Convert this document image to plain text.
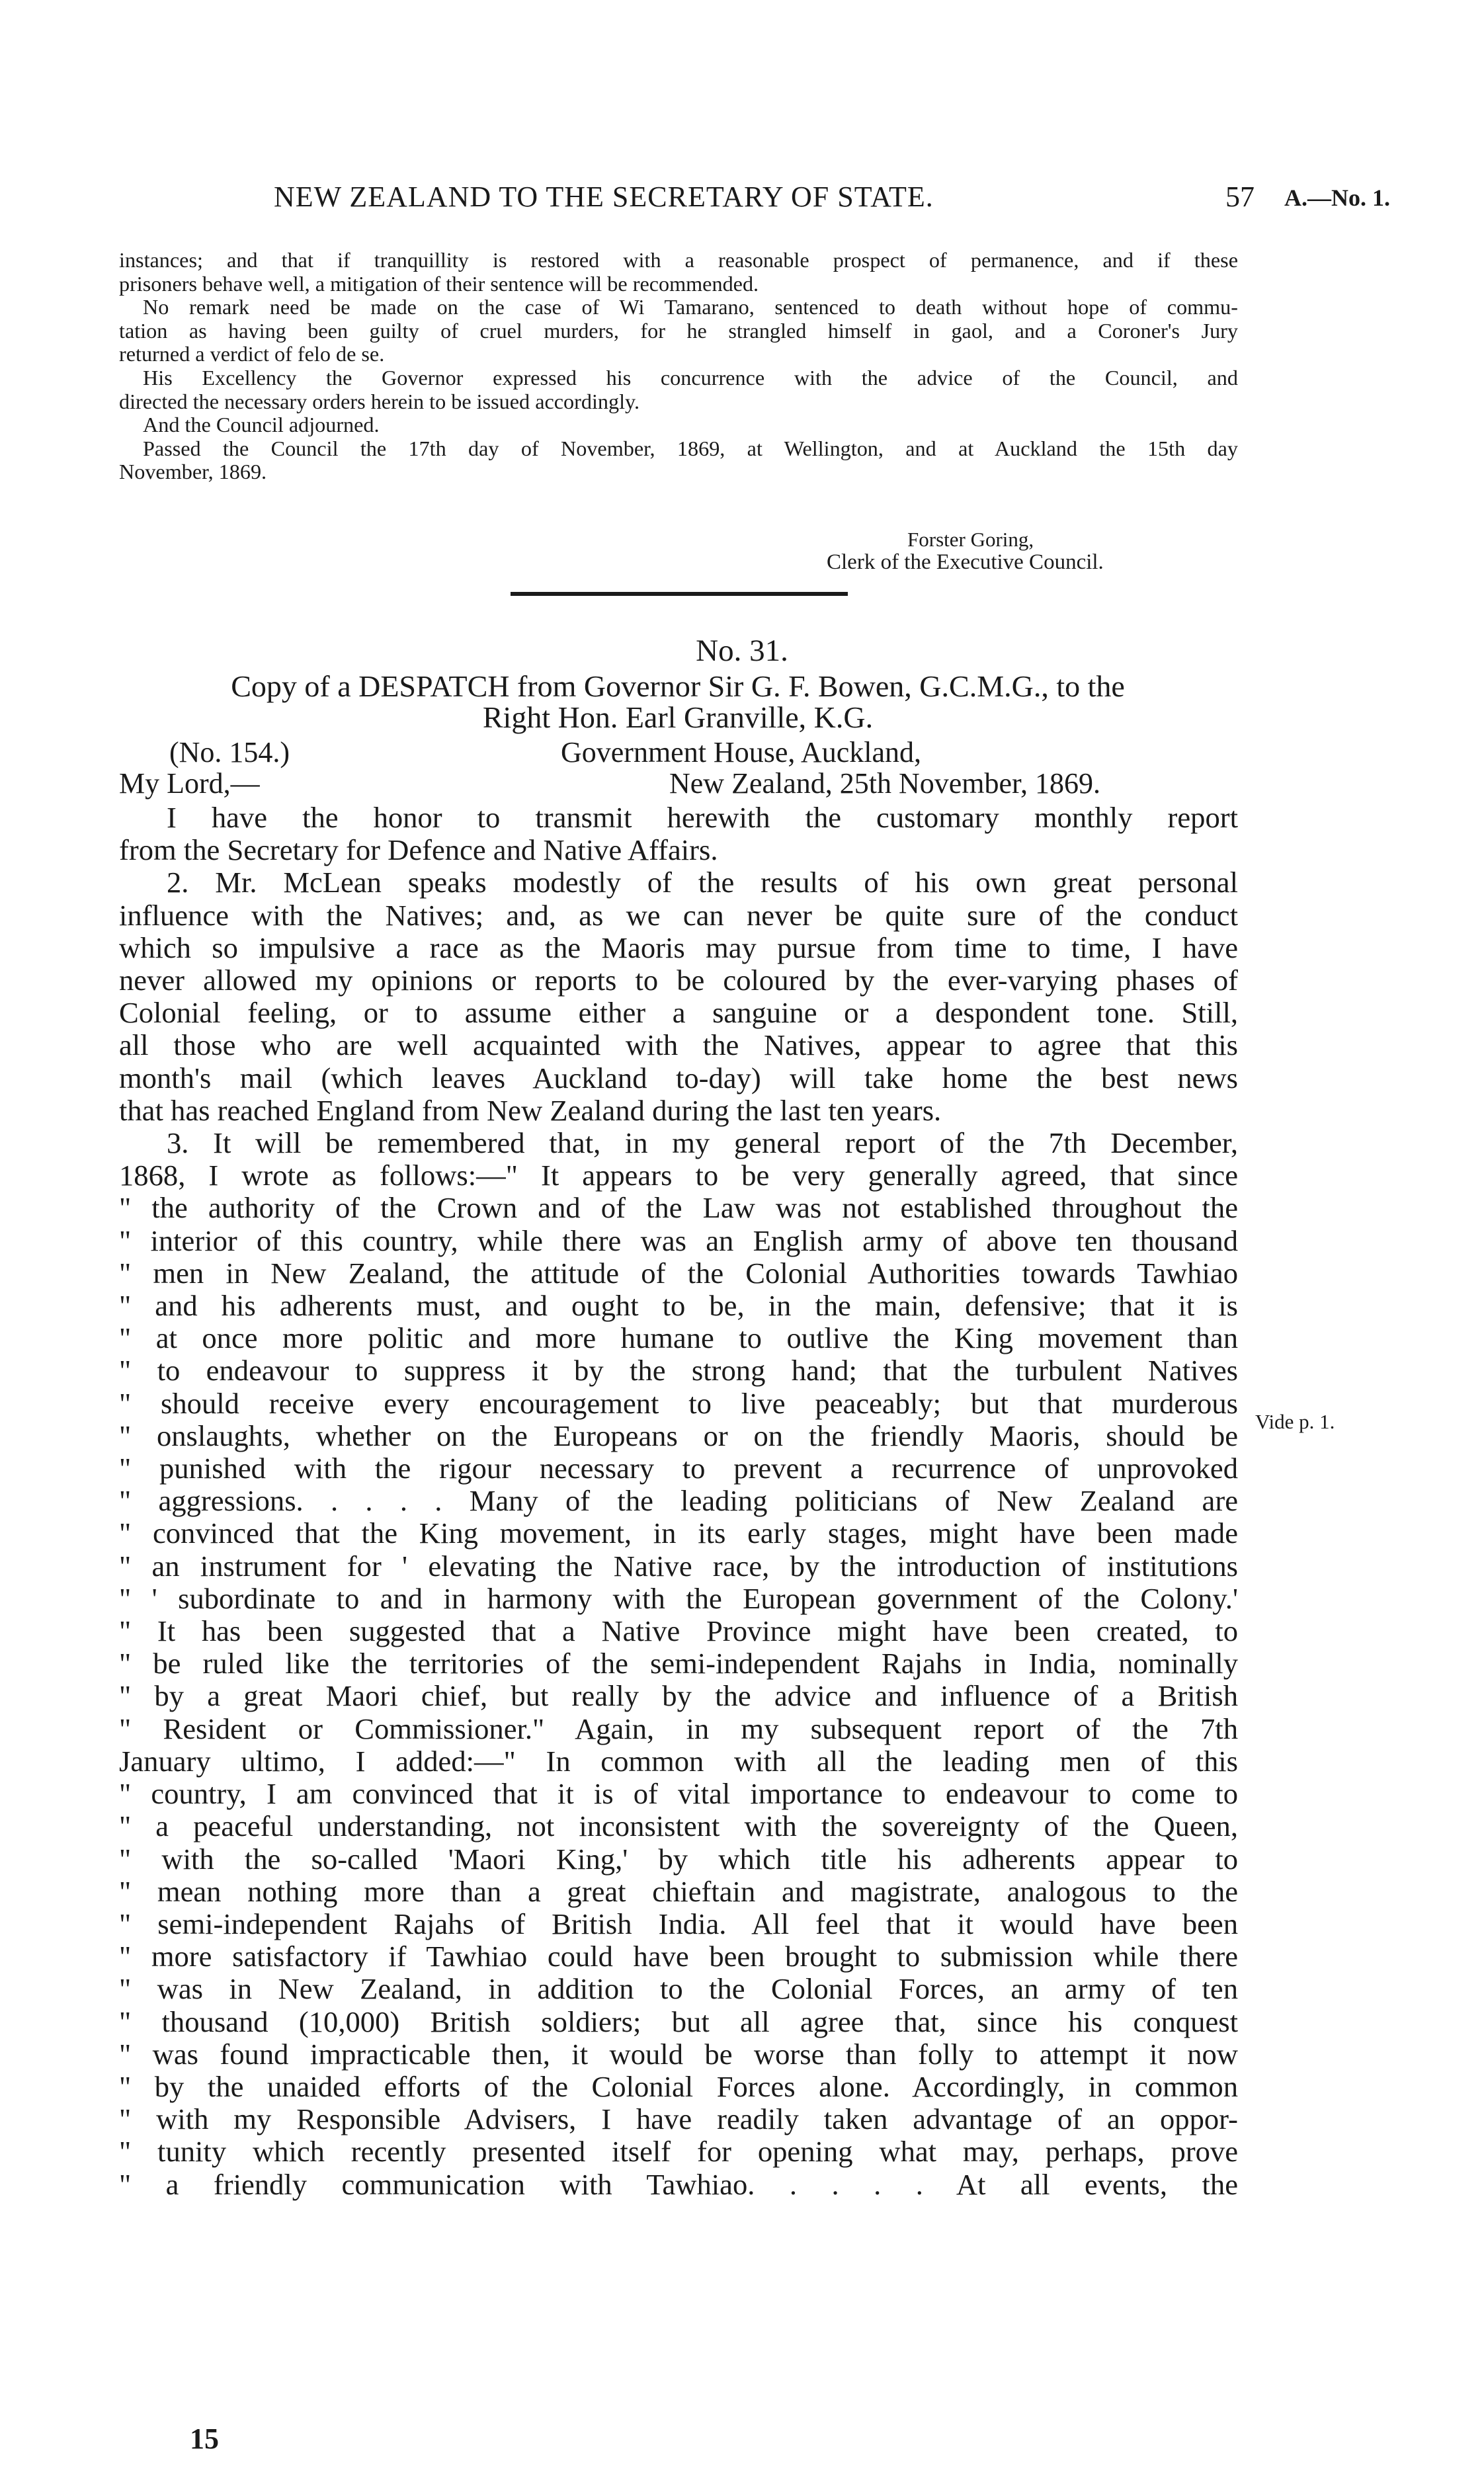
NEW ZEALAND TO THE SECRETARY OF STATE.	57 A.—No. 1.

instances; and that if tranquillity is restored with a reasonable prospect of permanence, and if these

prisoners behave well, a mitigation of their sentence will be recommended.

No remark need be made on the case of Wi Tamarano, sentenced to death without hope of commu-

tation as having been guilty of cruel murders, for he strangled himself in gaol, and a Coroner's Jury

returned a verdict of felo de se.

His Excellency the Governor expressed his concurrence with the advice of the Council, and

directed the necessary orders herein to be issued accordingly.

And the Council adjourned.

Passed the Council the 17th day of November, 1869, at Wellington, and at Auckland the 15th day

November, 1869.

Forster Goring,
Clerk of the Executive Council.
No. 31.
Copy of a DESPATCH from Governor Sir G. F. Bowen, G.C.M.G., to the
Right Hon. Earl Granville, K.G.
(No. 154.)	Government House, Auckland,
My Lord,—	New Zealand, 25th November, 1869.

I have the honor to transmit herewith the customary monthly report

from the Secretary for Defence and Native Affairs.

2. Mr. McLean speaks modestly of the results of his own great personal

influence with the Natives; and, as we can never be quite sure of the conduct

which so impulsive a race as the Maoris may pursue from time to time, I have

never allowed my opinions or reports to be coloured by the ever-varying phases of

Colonial feeling, or to assume either a sanguine or a despondent tone. Still,

all those who are well acquainted with the Natives, appear to agree that this

month's mail (which leaves Auckland to-day) will take home the best news

that has reached England from New Zealand during the last ten years.

3. It will be remembered that, in my general report of the 7th December,

1868, I wrote as follows:—" It appears to be very generally agreed, that since

" the authority of the Crown and of the Law was not established throughout the

" interior of this country, while there was an English army of above ten thousand

" men in New Zealand, the attitude of the Colonial Authorities towards Tawhiao

" and his adherents must, and ought to be, in the main, defensive; that it is

" at once more politic and more humane to outlive the King movement than

" to endeavour to suppress it by the strong hand; that the turbulent Natives

" should receive every encouragement to live peaceably; but that murderous

" onslaughts, whether on the Europeans or on the friendly Maoris, should be

" punished with the rigour necessary to prevent a recurrence of unprovoked

" aggressions. . . . . Many of the leading politicians of New Zealand are

" convinced that the King movement, in its early stages, might have been made

" an instrument for ' elevating the Native race, by the introduction of institutions

" ' subordinate to and in harmony with the European government of the Colony.'

" It has been suggested that a Native Province might have been created, to

" be ruled like the territories of the semi-independent Rajahs in India, nominally

" by a great Maori chief, but really by the advice and influence of a British

" Resident or Commissioner." Again, in my subsequent report of the 7th

January ultimo, I added:—" In common with all the leading men of this

" country, I am convinced that it is of vital importance to endeavour to come to

" a peaceful understanding, not inconsistent with the sovereignty of the Queen,

" with the so-called 'Maori King,' by which title his adherents appear to

" mean nothing more than a great chieftain and magistrate, analogous to the

" semi-independent Rajahs of British India. All feel that it would have been

" more satisfactory if Tawhiao could have been brought to submission while there

" was in New Zealand, in addition to the Colonial Forces, an army of ten

" thousand (10,000) British soldiers; but all agree that, since his conquest

" was found impracticable then, it would be worse than folly to attempt it now

" by the unaided efforts of the Colonial Forces alone. Accordingly, in common

" with my Responsible Advisers, I have readily taken advantage of an oppor-

" tunity which recently presented itself for opening what may, perhaps, prove

" a friendly communication with Tawhiao. . . . . At all events, the

Vide p. 1.
15
